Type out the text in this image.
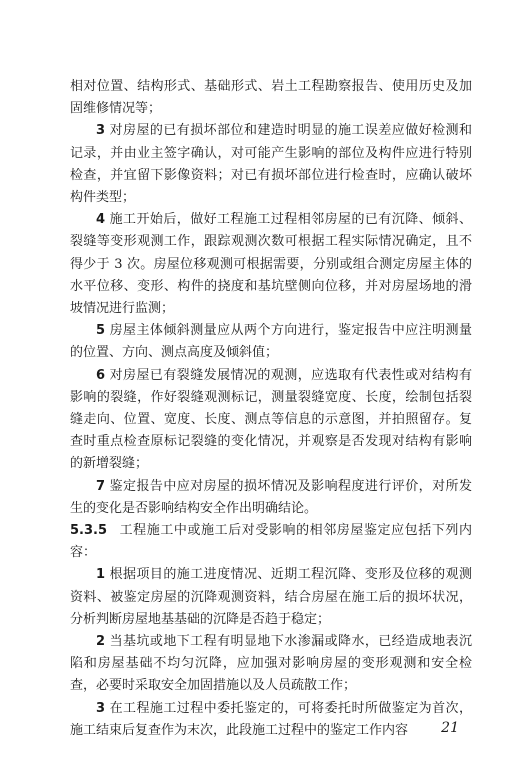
相对位置、结构形式、基础形式、岩土工程勘察报告、使用历史及加固维修情况等；

3 对房屋的已有损坏部位和建造时明显的施工误差应做好检测和记录，并由业主签字确认，对可能产生影响的部位及构件应进行特别检查，并宜留下影像资料；对已有损坏部位进行检查时，应确认破坏构件类型；

4 施工开始后，做好工程施工过程相邻房屋的已有沉降、倾斜、裂缝等变形观测工作，跟踪观测次数可根据工程实际情况确定，且不得少于 3 次。房屋位移观测可根据需要，分别或组合测定房屋主体的水平位移、变形、构件的挠度和基坑壁侧向位移，并对房屋场地的滑坡情况进行监测；

5 房屋主体倾斜测量应从两个方向进行，鉴定报告中应注明测量的位置、方向、测点高度及倾斜值；

6 对房屋已有裂缝发展情况的观测，应选取有代表性或对结构有影响的裂缝，作好裂缝观测标记，测量裂缝宽度、长度，绘制包括裂缝走向、位置、宽度、长度、测点等信息的示意图，并拍照留存。复查时重点检查原标记裂缝的变化情况，并观察是否发现对结构有影响的新增裂缝；

7 鉴定报告中应对房屋的损坏情况及影响程度进行评价，对所发生的变化是否影响结构安全作出明确结论。

5.3.5 工程施工中或施工后对受影响的相邻房屋鉴定应包括下列内容：

1 根据项目的施工进度情况、近期工程沉降、变形及位移的观测资料、被鉴定房屋的沉降观测资料，结合房屋在施工后的损坏状况，分析判断房屋地基基础的沉降是否趋于稳定；

2 当基坑或地下工程有明显地下水渗漏或降水，已经造成地表沉陷和房屋基础不均匀沉降，应加强对影响房屋的变形观测和安全检查，必要时采取安全加固措施以及人员疏散工作；

3 在工程施工过程中委托鉴定的，可将委托时所做鉴定为首次，施工结束后复查作为末次，此段施工过程中的鉴定工作内容	21
